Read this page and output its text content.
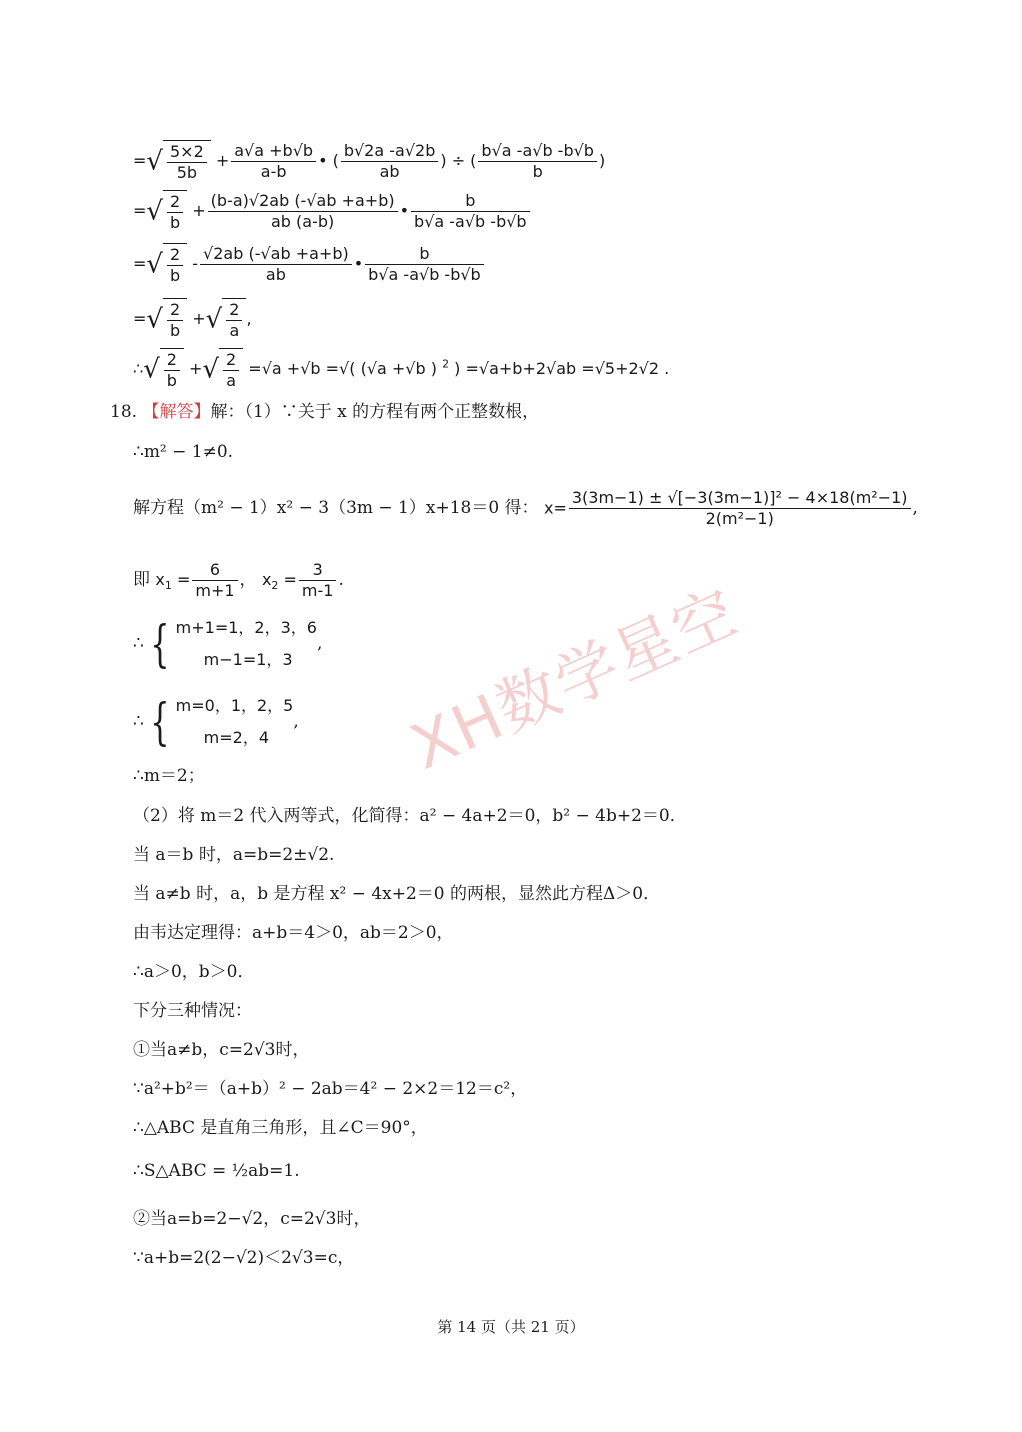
=√ $\frac{5\times 2}{5b} + \frac{a√a +b√b}{a-b}$ • ( $\frac{b√2a -a√2b}{ab}$ ) ÷ ( $\frac{b√a -a√b -b√b}{b}$ )
=√ $\frac{2}{b} + \frac{(b-a)√2ab (-√ab +a+b)}{ab (a-b)}$ • $\frac{b}{b√a -a√b -b√b}$
=√ $\frac{2}{b} - \frac{√2ab (-√ab +a+b)}{ab}$ • $\frac{b}{b√a -a√b -b√b}$
=√ $\frac{2}{b}$ +√ $\frac{2}{a}$ ,
∴√ $\frac{2}{b}$ +√ $\frac{2}{a} =√a +√b$ =√( (√a +√b ) $^2$ ) =√a+b+2√ab =√5+2√2 .
18. 【解答】解：（1）∵关于 x 的方程有两个正整数根，
∴m² − 1≠0.
解方程（m² − 1）x² − 3（3m − 1）x+18＝0 得： $x= \frac{\text{3(3m−1) ± √[−3(3m−1)]² − 4×18(m²−1)}}{\text{2(m²−1)}}$ ,
即 $x_1 = \frac{6}{m+1}$ ， $x_2 = \frac{3}{m-1}$ .
∴ { m+1=1，2，3，6
m−1=1，3
,
∴ { m=0，1，2，5
m=2，4
,
∴m＝2；
（2）将 m＝2 代入两等式，化简得：a² − 4a+2＝0，b² − 4b+2＝0．
当 a＝b 时，a=b=2±√2.
当 a≠b 时，a，b 是方程 x² − 4x+2＝0 的两根，显然此方程Δ＞0．
由韦达定理得：a+b＝4＞0，ab＝2＞0，
∴a＞0，b＞0．
下分三种情况：
①当a≠b，c=2√3时，
∵a²+b²＝（a+b）² − 2ab＝4² − 2×2＝12＝c²，
∴△ABC 是直角三角形，且∠C＝90°，
∴S△ABC = ½ab=1.
②当a=b=2−√2，c=2√3时，
∵a+b=2(2−√2)＜2√3=c，
XH数学星空
第 14 页（共 21 页）
